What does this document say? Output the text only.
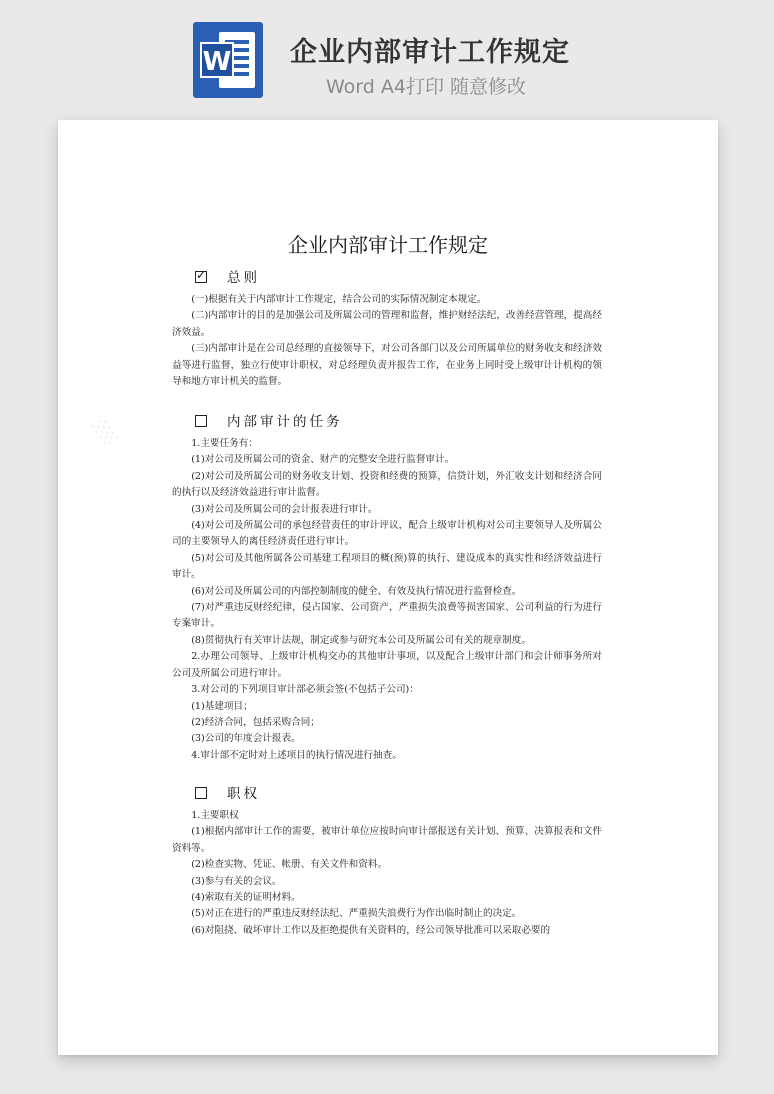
W 企业内部审计工作规定
Word A4打印 随意修改
░
企业内部审计工作规定
✓总则

(一)根据有关于内部审计工作规定，结合公司的实际情况制定本规定。

(二)内部审计的目的是加强公司及所属公司的管理和监督，维护财经法纪，改善经营管理，提高经济效益。

(三)内部审计是在公司总经理的直接领导下，对公司各部门以及公司所属单位的财务收支和经济效益等进行监督，独立行使审计职权，对总经理负责并报告工作，在业务上同时受上级审计计机构的领导和地方审计机关的监督。

内部审计的任务

1.主要任务有：

(1)对公司及所属公司的资金、财产的完整安全进行监督审计。

(2)对公司及所属公司的财务收支计划、投资和经费的预算，信贷计划，外汇收支计划和经济合同的执行以及经济效益进行审计监督。

(3)对公司及所属公司的会计报表进行审计。

(4)对公司及所属公司的承包经营责任的审计评议，配合上级审计机构对公司主要领导人及所属公司的主要领导人的离任经济责任进行审计。

(5)对公司及其他所属各公司基建工程项目的概(预)算的执行、建设成本的真实性和经济效益进行审计。

(6)对公司及所属公司的内部控制制度的健全、有效及执行情况进行监督检查。

(7)对严重违反财经纪律，侵占国家、公司资产，严重损失浪费等损害国家、公司利益的行为进行专案审计。

(8)贯彻执行有关审计法规，制定或参与研究本公司及所属公司有关的规章制度。

2.办理公司领导、上级审计机构交办的其他审计事项，以及配合上级审计部门和会计师事务所对公司及所属公司进行审计。

3.对公司的下列项目审计部必须会签(不包括子公司)：

(1)基建项目；

(2)经济合同，包括采购合同；

(3)公司的年度会计报表。

4.审计部不定时对上述项目的执行情况进行抽查。

职权

1.主要职权

(1)根据内部审计工作的需要，被审计单位应按时向审计部报送有关计划、预算、决算报表和文件资料等。

(2)检查实物、凭证、帐册、有关文件和资料。

(3)参与有关的会议。

(4)索取有关的证明材料。

(5)对正在进行的严重违反财经法纪、严重损失浪费行为作出临时制止的决定。

(6)对阻挠、破坏审计工作以及拒绝提供有关资料的，经公司领导批准可以采取必要的
